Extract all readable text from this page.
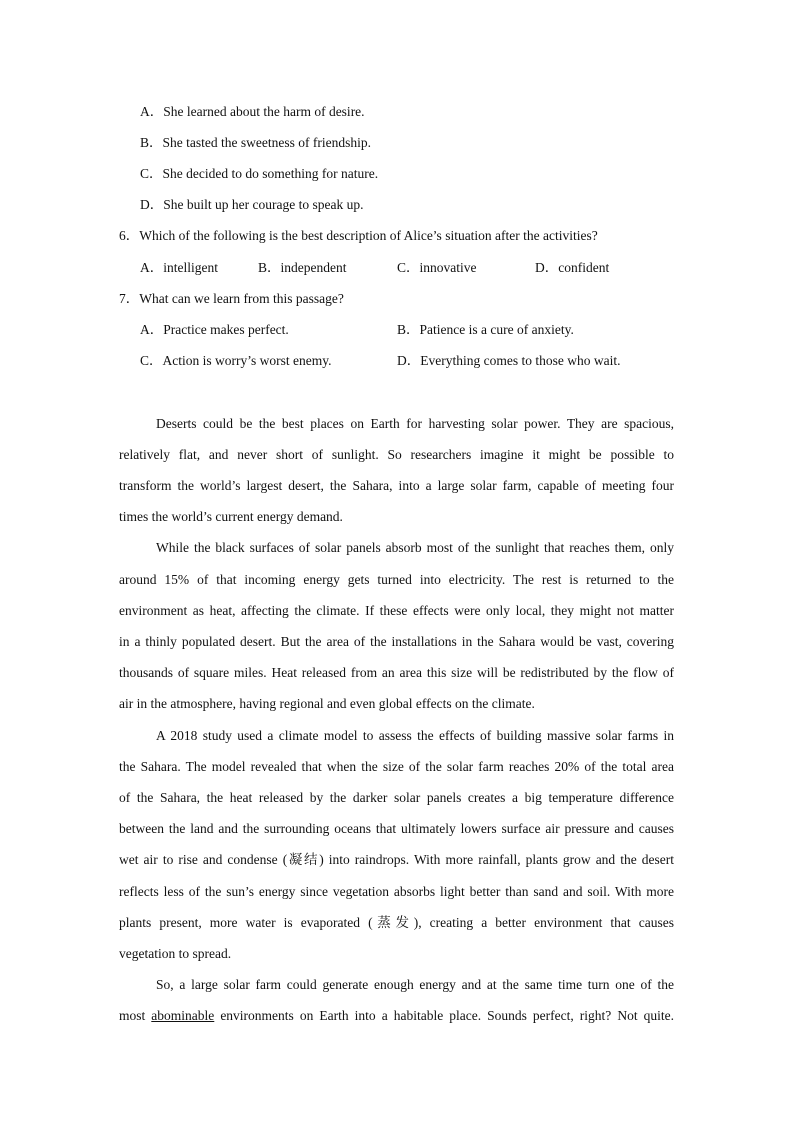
A．She learned about the harm of desire.
B．She tasted the sweetness of friendship.
C．She decided to do something for nature.
D．She built up her courage to speak up.
6．Which of the following is the best description of Alice’s situation after the activities?
A．intelligent	B．independent	C．innovative	D．confident
7．What can we learn from this passage?
A．Practice makes perfect.	B．Patience is a cure of anxiety.
C．Action is worry’s worst enemy.	D．Everything comes to those who wait.
Deserts could be the best places on Earth for harvesting solar power. They are spacious,
relatively flat, and never short of sunlight. So researchers imagine it might be possible to
transform the world’s largest desert, the Sahara, into a large solar farm, capable of meeting four
times the world’s current energy demand.
While the black surfaces of solar panels absorb most of the sunlight that reaches them, only
around 15% of that incoming energy gets turned into electricity. The rest is returned to the
environment as heat, affecting the climate. If these effects were only local, they might not matter
in a thinly populated desert. But the area of the installations in the Sahara would be vast, covering
thousands of square miles. Heat released from an area this size will be redistributed by the flow of
air in the atmosphere, having regional and even global effects on the climate.
A 2018 study used a climate model to assess the effects of building massive solar farms in
the Sahara. The model revealed that when the size of the solar farm reaches 20% of the total area
of the Sahara, the heat released by the darker solar panels creates a big temperature difference
between the land and the surrounding oceans that ultimately lowers surface air pressure and causes
wet air to rise and condense (凝结) into raindrops. With more rainfall, plants grow and the desert
reflects less of the sun’s energy since vegetation absorbs light better than sand and soil. With more
plants present, more water is evaporated (蒸发), creating a better environment that causes
vegetation to spread.
So, a large solar farm could generate enough energy and at the same time turn one of the
most abominable environments on Earth into a habitable place. Sounds perfect, right? Not quite.
